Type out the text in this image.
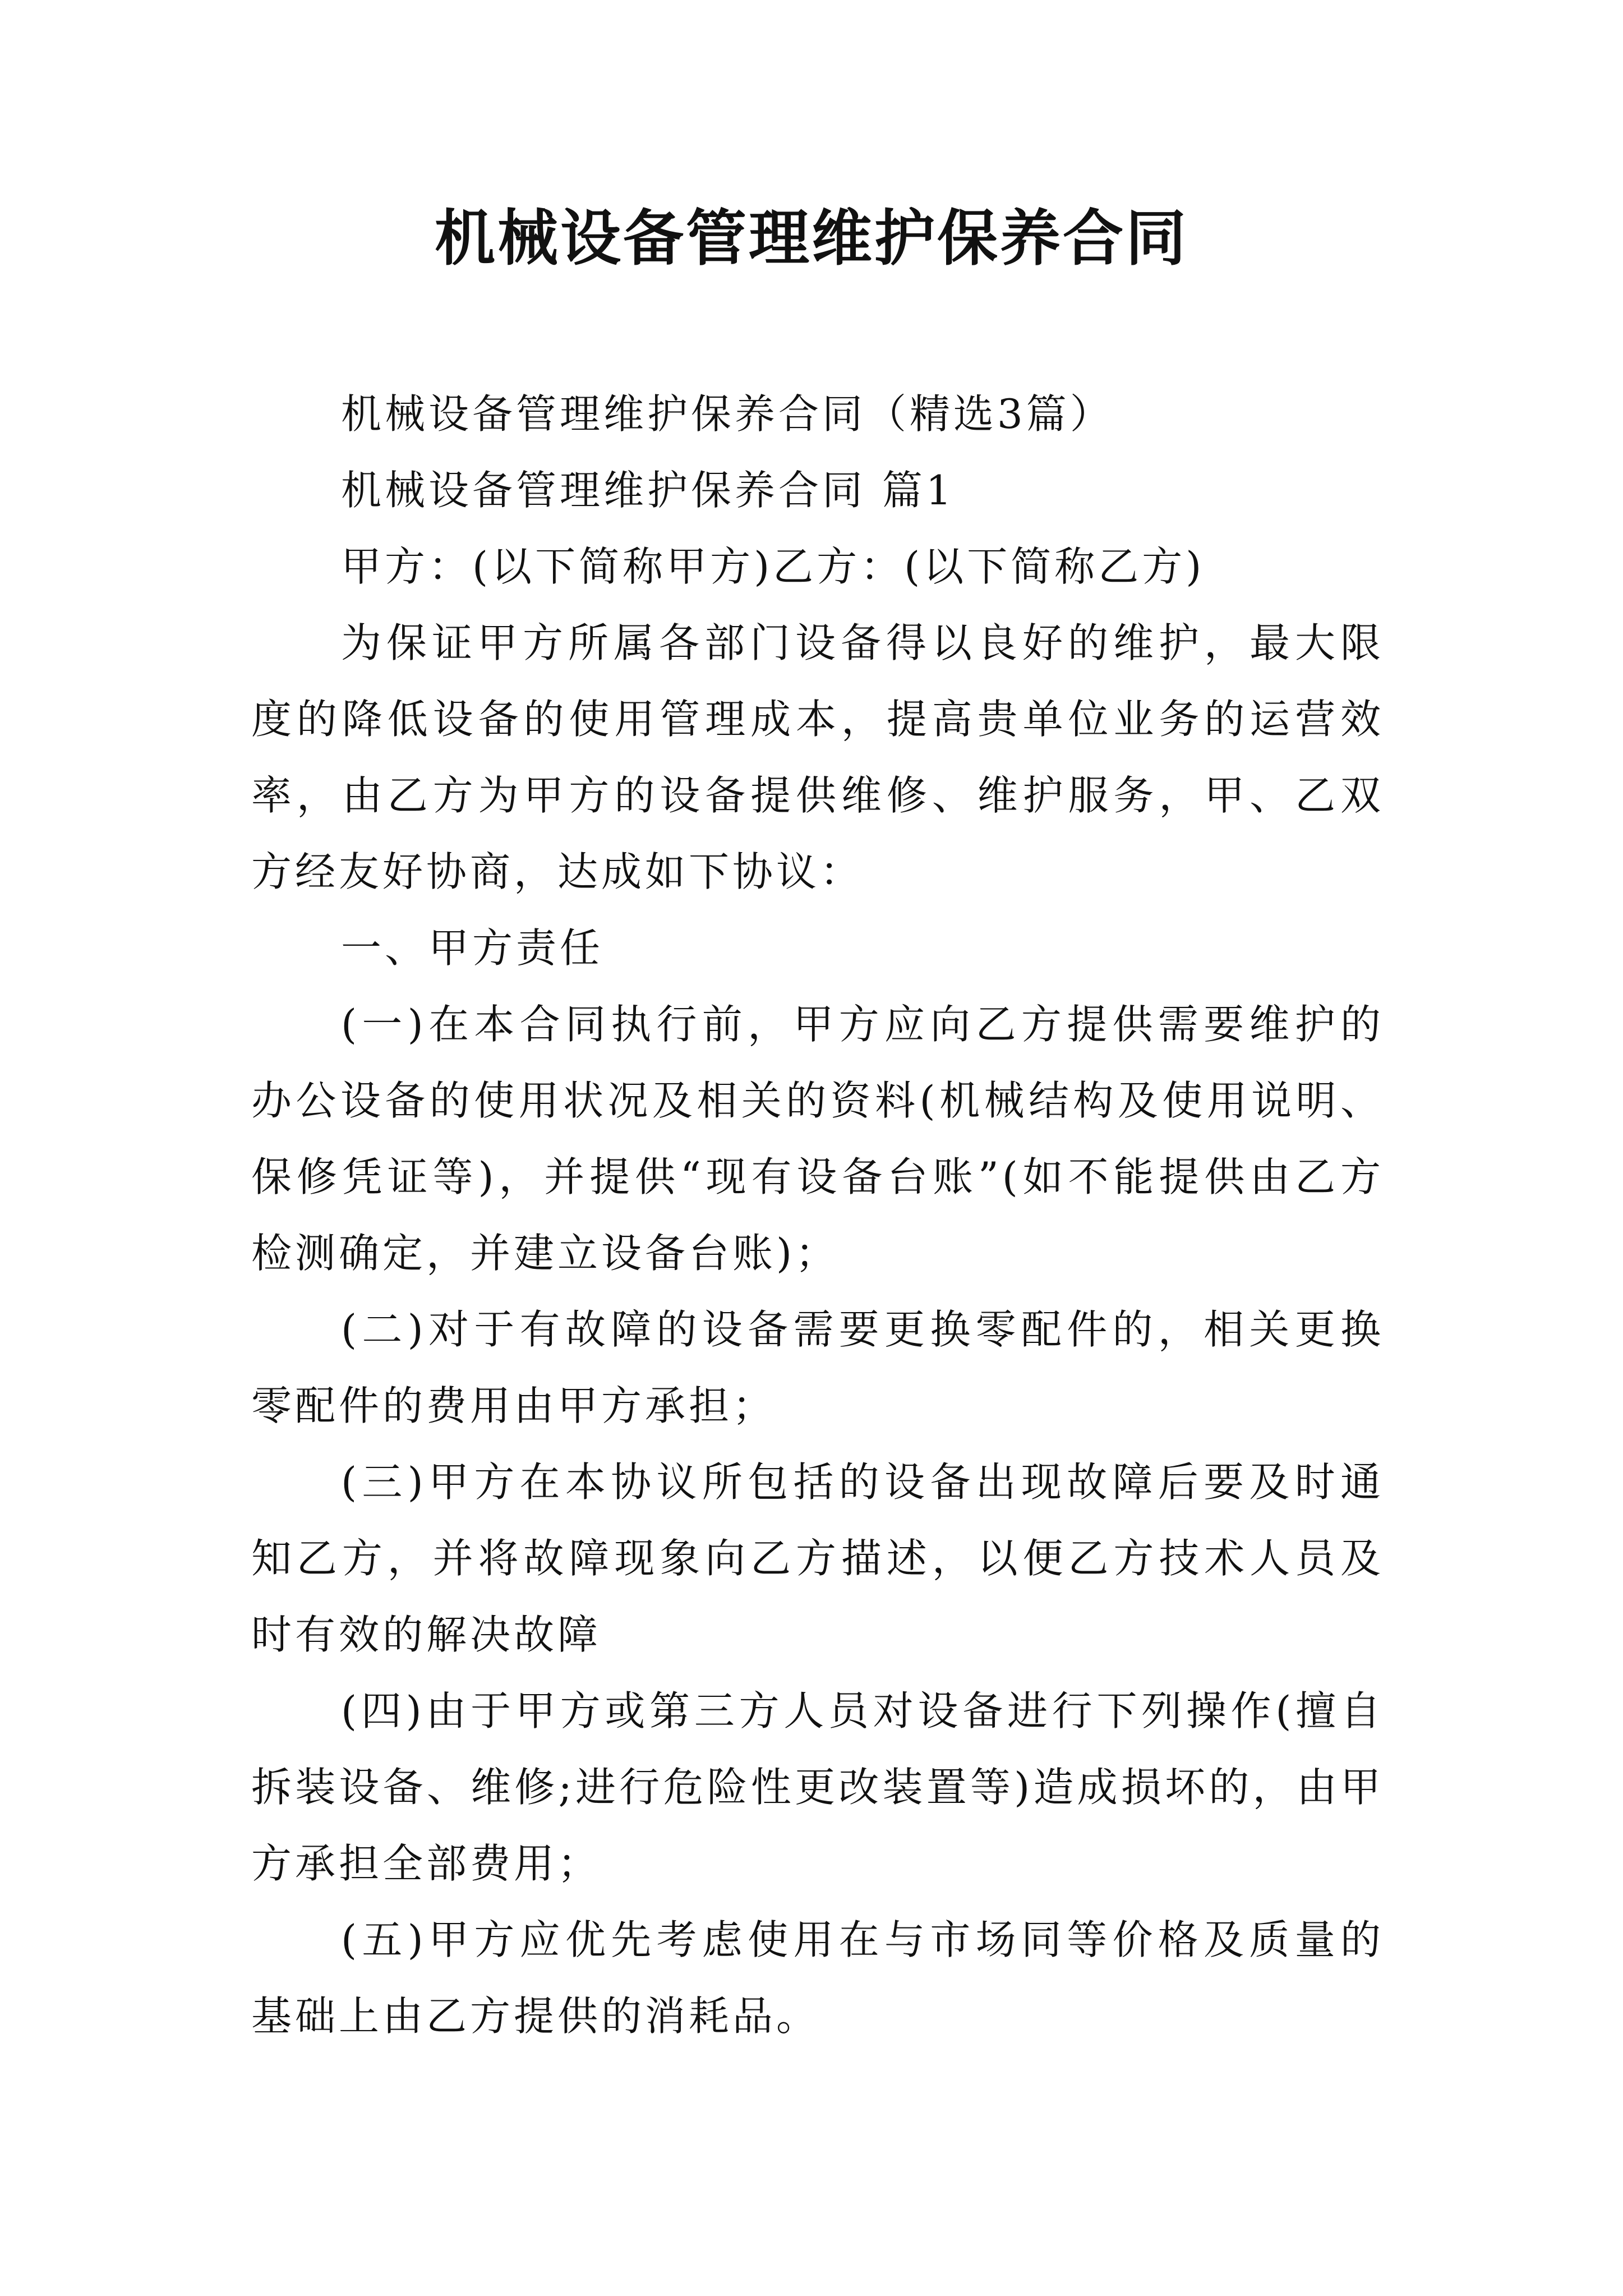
机械设备管理维护保养合同

机械设备管理维护保养合同（精选3篇）

机械设备管理维护保养合同 篇1

甲方：(以下简称甲方)乙方：(以下简称乙方)

为保证甲方所属各部门设备得以良好的维护，最大限度的降低设备的使用管理成本，提高贵单位业务的运营效率，由乙方为甲方的设备提供维修、维护服务，甲、乙双方经友好协商，达成如下协议：

一、甲方责任

(一)在本合同执行前，甲方应向乙方提供需要维护的办公设备的使用状况及相关的资料(机械结构及使用说明、保修凭证等)，并提供“现有设备台账”(如不能提供由乙方检测确定，并建立设备台账)；

(二)对于有故障的设备需要更换零配件的，相关更换零配件的费用由甲方承担；

(三)甲方在本协议所包括的设备出现故障后要及时通知乙方，并将故障现象向乙方描述，以便乙方技术人员及时有效的解决故障

(四)由于甲方或第三方人员对设备进行下列操作(擅自拆装设备、维修;进行危险性更改装置等)造成损坏的，由甲方承担全部费用；

(五)甲方应优先考虑使用在与市场同等价格及质量的基础上由乙方提供的消耗品。
